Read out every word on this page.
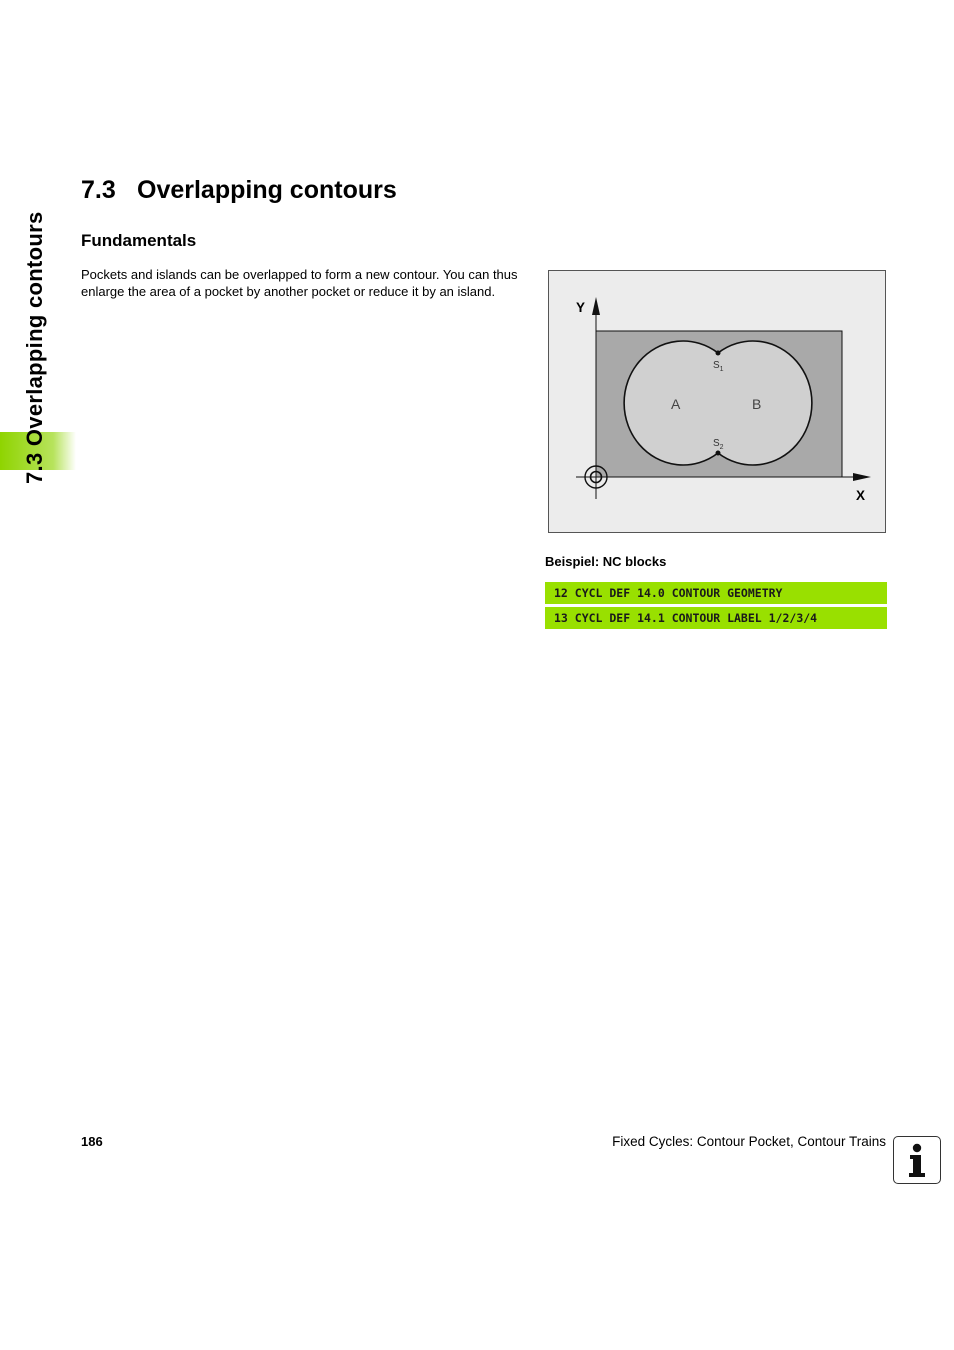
7.3 Overlapping contours
7.3 Overlapping contours
Fundamentals

Pockets and islands can be overlapped to form a new contour. You can thus enlarge the area of a pocket by another pocket or reduce it by an island.

Y
X
A	B
$S_1$
$S_2$
Beispiel: NC blocks
12 CYCL DEF 14.0 CONTOUR GEOMETRY
13 CYCL DEF 14.1 CONTOUR LABEL 1/2/3/4
186	Fixed Cycles: Contour Pocket, Contour Trains
